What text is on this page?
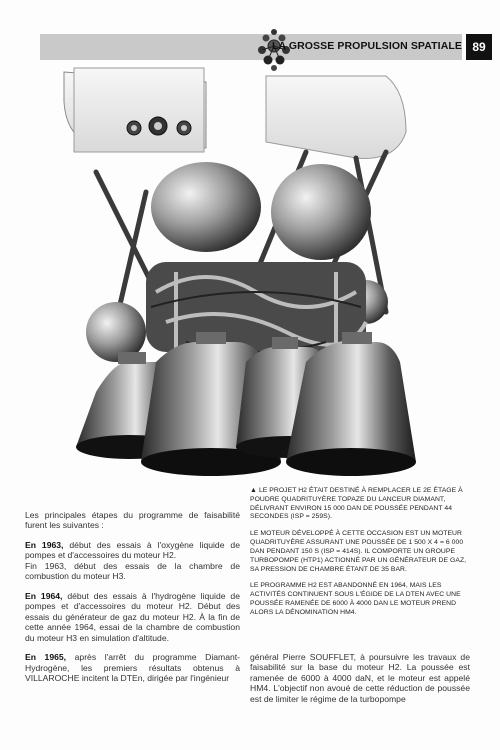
LA GROSSE PROPULSION SPATIALE 89

▲ LE PROJET H2 ÉTAIT DESTINÉ À REMPLACER LE 2E ÉTAGE À POUDRE QUADRITUYÈRE TOPAZE DU LANCEUR DIAMANT, DÉLIVRANT ENVIRON 15 000 DAN DE POUSSÉE PENDANT 44 SECONDES (ISP = 259S).

LE MOTEUR DÉVELOPPÉ À CETTE OCCASION EST UN MOTEUR QUADRITUYÈRE ASSURANT UNE POUSSÉE DE 1 500 X 4 = 6 000 DAN PENDANT 150 S (ISP = 414S). IL COMPORTE UN GROUPE TURBOPOMPE (HTP1) ACTIONNÉ PAR UN GÉNÉRATEUR DE GAZ, SA PRESSION DE CHAMBRE ÉTANT DE 35 BAR.

LE PROGRAMME H2 EST ABANDONNÉ EN 1964, MAIS LES ACTIVITÉS CONTINUENT SOUS L'ÉGIDE DE LA DTEN AVEC UNE POUSSÉE RAMENÉE DE 6000 À 4000 DAN LE MOTEUR PREND ALORS LA DÉNOMINATION HM4.

Les principales étapes du programme de faisabilité furent les suivantes :

En 1963, début des essais à l'oxygène liquide de pompes et d'accessoires du moteur H2.

Fin 1963, début des essais de la chambre de combustion du moteur H3.

En 1964, début des essais à l'hydrogène liquide de pompes et d'accessoires du moteur H2. Début des essais du générateur de gaz du moteur H2. À la fin de cette année 1964, essai de la chambre de combustion du moteur H3 en simulation d'altitude.

En 1965, après l'arrêt du programme Diamant-Hydrogène, les premiers résultats obtenus à VILLAROCHE incitent la DTEn, dirigée par l'ingénieur

général Pierre SOUFFLET, à poursuivre les travaux de faisabilité sur la base du moteur H2. La poussée est ramenée de 6000 à 4000 daN, et le moteur est appelé HM4. L'objectif non avoué de cette réduction de poussée est de limiter le régime de la turbopompe
